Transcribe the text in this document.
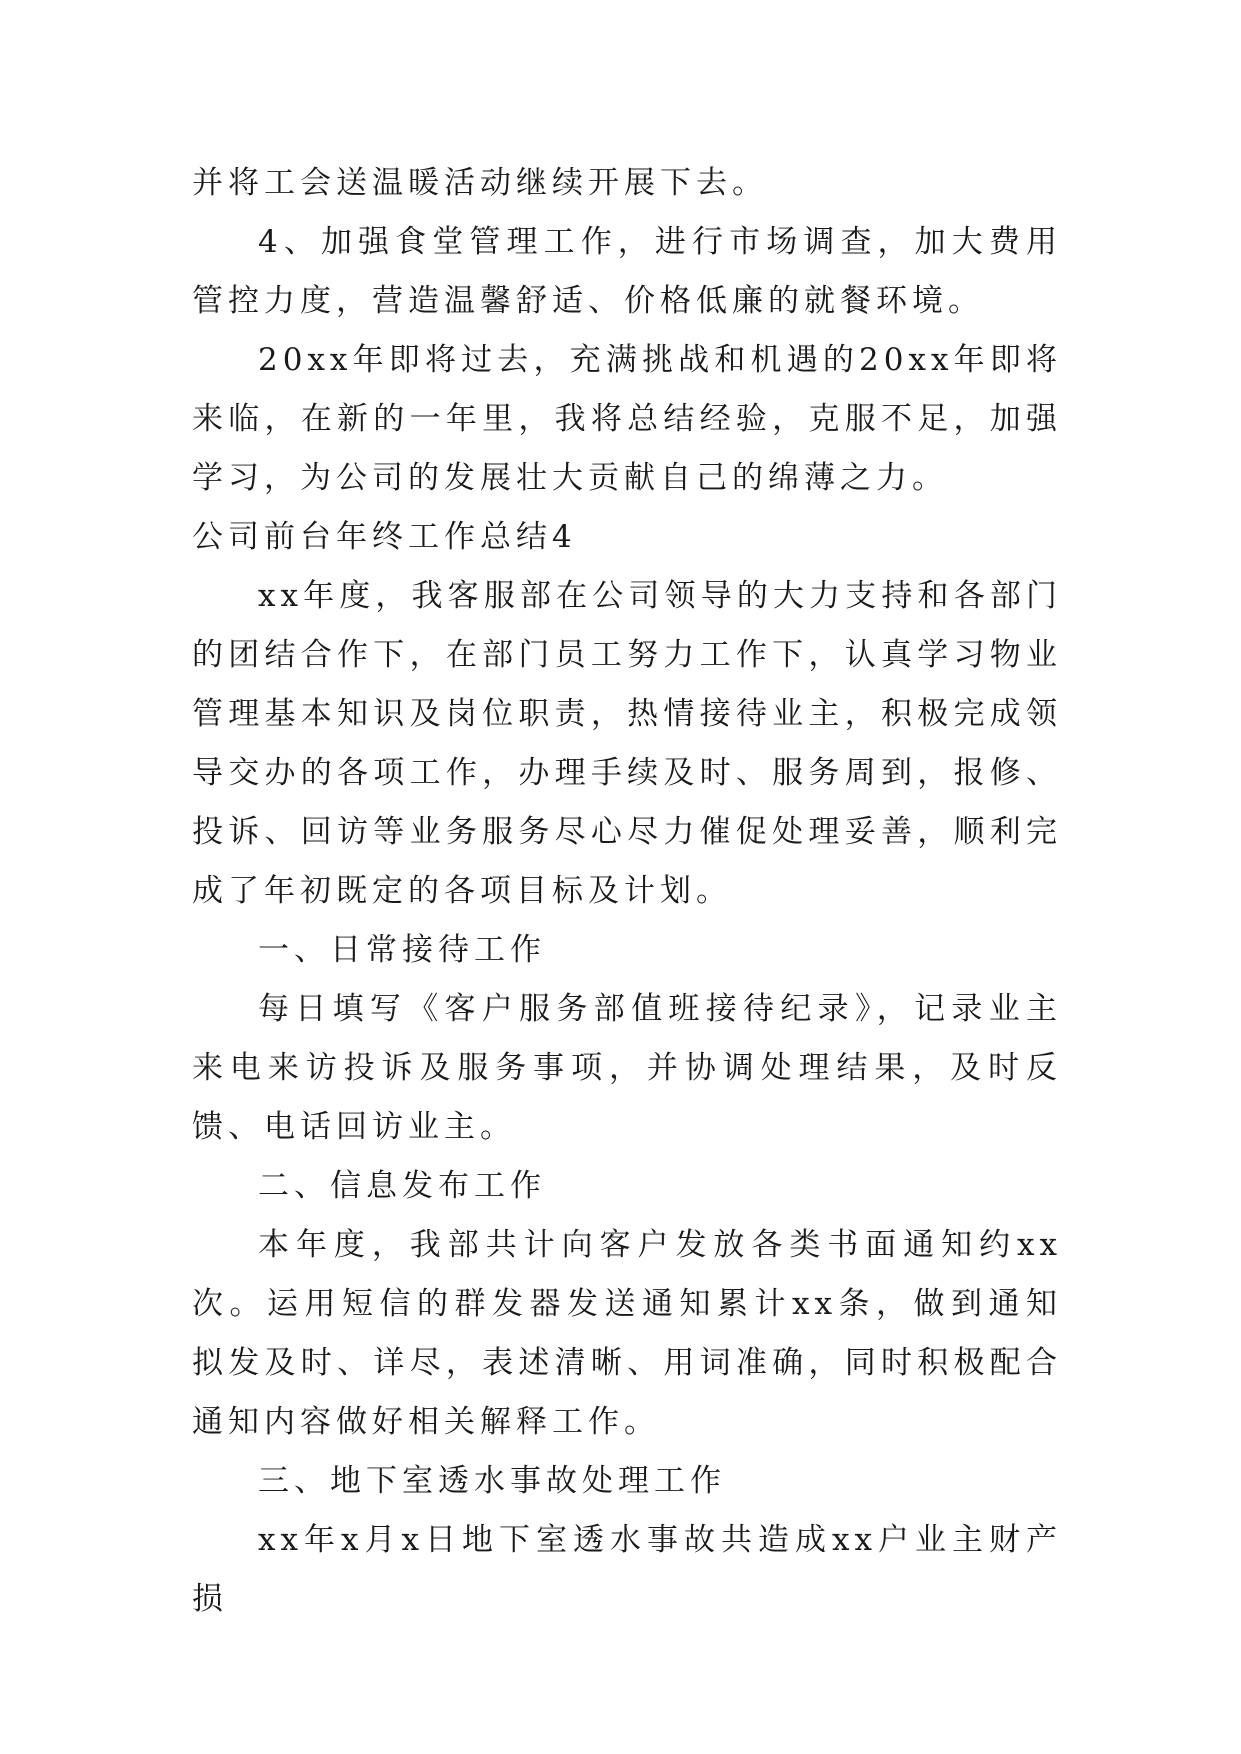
并将工会送温暖活动继续开展下去。

4、加强食堂管理工作，进行市场调查，加大费用管控力度，营造温馨舒适、价格低廉的就餐环境。

20xx年即将过去，充满挑战和机遇的20xx年即将来临，在新的一年里，我将总结经验，克服不足，加强学习，为公司的发展壮大贡献自己的绵薄之力。

公司前台年终工作总结4

xx年度，我客服部在公司领导的大力支持和各部门的团结合作下，在部门员工努力工作下，认真学习物业管理基本知识及岗位职责，热情接待业主，积极完成领导交办的各项工作，办理手续及时、服务周到，报修、投诉、回访等业务服务尽心尽力催促处理妥善，顺利完成了年初既定的各项目标及计划。

一、日常接待工作

每日填写《客户服务部值班接待纪录》，记录业主来电来访投诉及服务事项，并协调处理结果，及时反馈、电话回访业主。

二、信息发布工作

本年度，我部共计向客户发放各类书面通知约xx次。运用短信的群发器发送通知累计xx条，做到通知拟发及时、详尽，表述清晰、用词准确，同时积极配合通知内容做好相关解释工作。

三、地下室透水事故处理工作

xx年x月x日地下室透水事故共造成xx户业主财产损
